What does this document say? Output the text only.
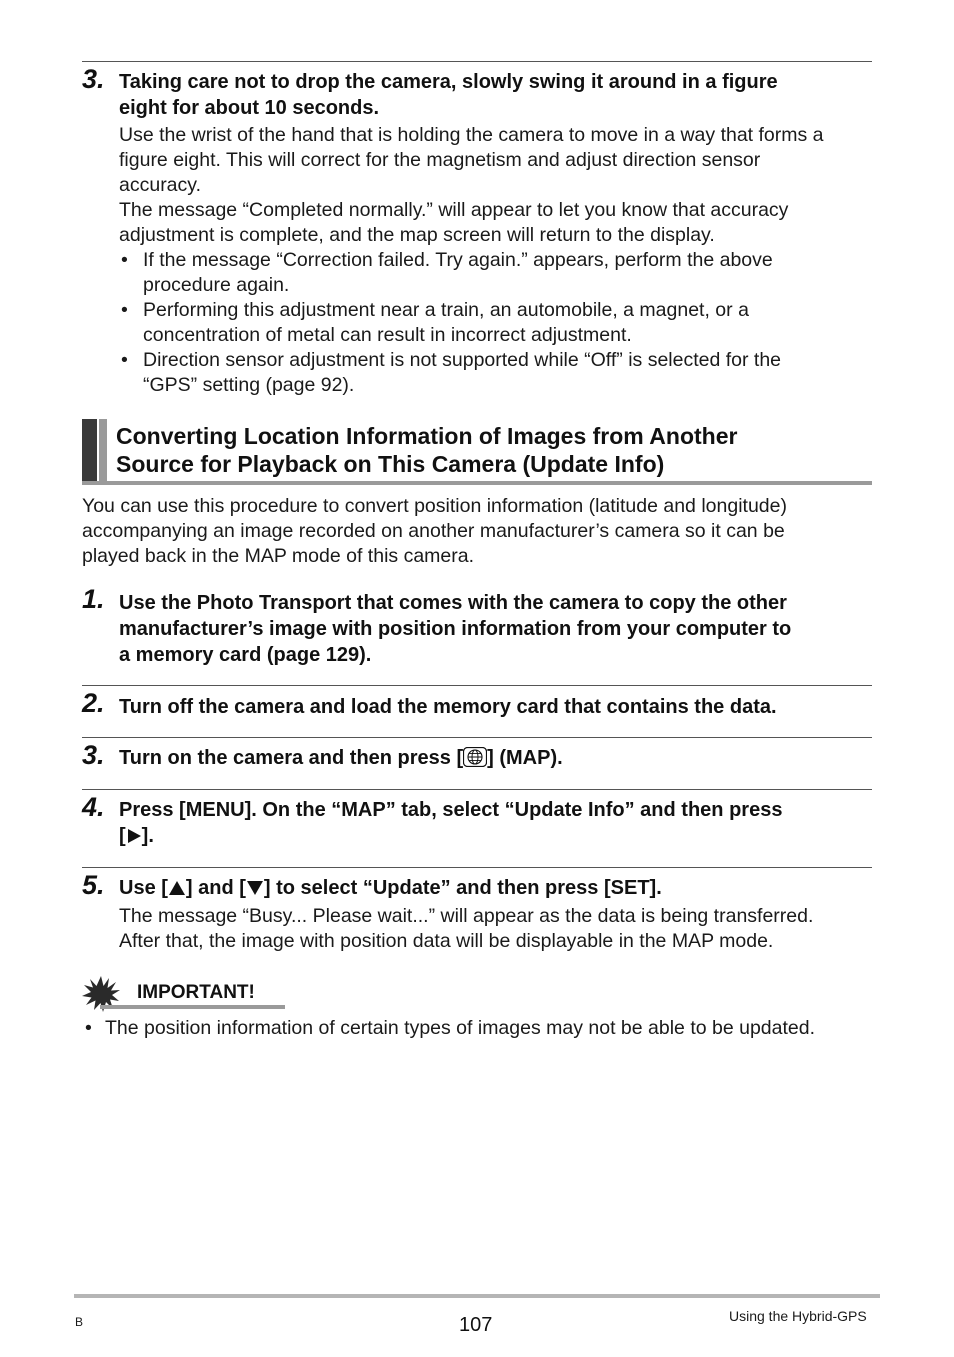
3. Taking care not to drop the camera, slowly swing it around in a figure
eight for about 10 seconds.
Use the wrist of the hand that is holding the camera to move in a way that forms a
figure eight. This will correct for the magnetism and adjust direction sensor
accuracy.
The message “Completed normally.” will appear to let you know that accuracy
adjustment is complete, and the map screen will return to the display.
• If the message “Correction failed. Try again.” appears, perform the above
procedure again.
• Performing this adjustment near a train, an automobile, a magnet, or a
concentration of metal can result in incorrect adjustment.
• Direction sensor adjustment is not supported while “Off” is selected for the
“GPS” setting (page 92).
Converting Location Information of Images from Another
Source for Playback on This Camera (Update Info)
You can use this procedure to convert position information (latitude and longitude)
accompanying an image recorded on another manufacturer’s camera so it can be
played back in the MAP mode of this camera.
1. Use the Photo Transport that comes with the camera to copy the other
manufacturer’s image with position information from your computer to
a memory card (page 129).
2. Turn off the camera and load the memory card that contains the data.
3. Turn on the camera and then press [ ] (MAP).
4. Press [MENU]. On the “MAP” tab, select “Update Info” and then press
[ ].
5. Use [ ] and [ ] to select “Update” and then press [SET].
The message “Busy... Please wait...” will appear as the data is being transferred.
After that, the image with position data will be displayable in the MAP mode.
IMPORTANT!
• The position information of certain types of images may not be able to be updated.
B	107	Using the Hybrid-GPS
